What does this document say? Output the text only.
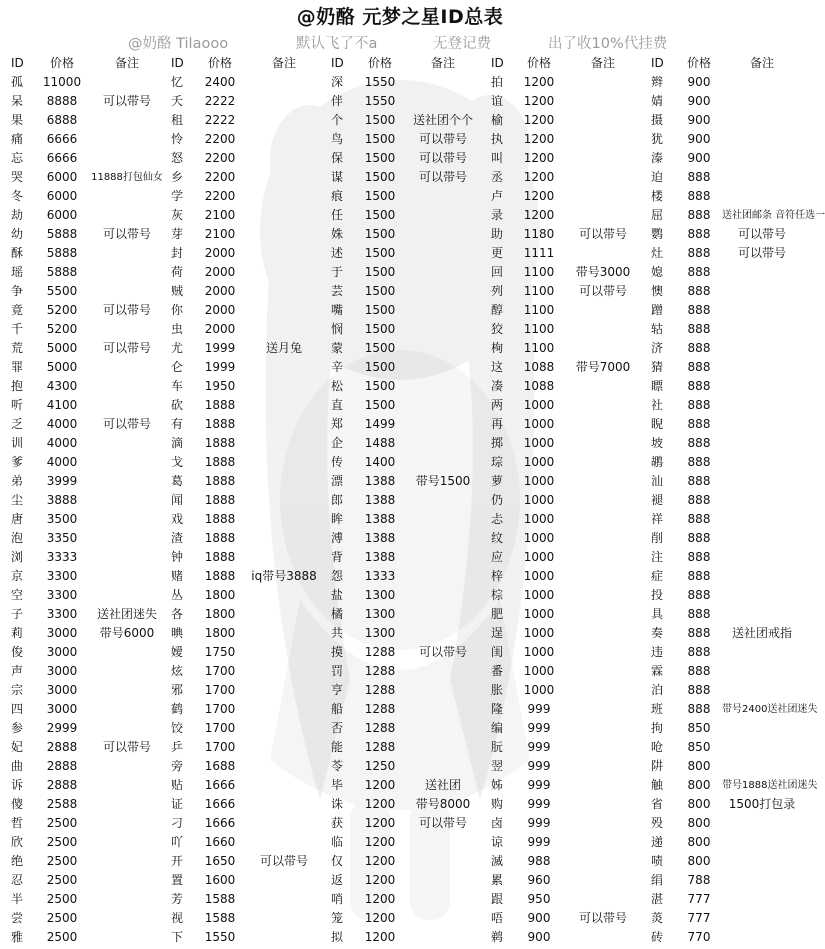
@奶酪 元梦之星ID总表
@奶酪 Tilaooo	默认飞了不a	无登记费	出了收10%代挂费
ID	价格	备注
孤	11000
呆	8888	可以带号
果	6888
痛	6666
忘	6666
哭	6000	11888打包仙女
冬	6000
劫	6000
幼	5888	可以带号
酥	5888
瑶	5888
争	5500
竟	5200	可以带号
千	5200
荒	5000	可以带号
罪	5000
抱	4300
听	4100
乏	4000	可以带号
训	4000
爹	4000
弟	3999
尘	3888
唐	3500
泡	3350
浏	3333
京	3300
空	3300
子	3300	送社团迷失
莉	3000	带号6000
俊	3000
声	3000
宗	3000
四	3000
参	2999
妃	2888	可以带号
曲	2888
诉	2888
傻	2588
哲	2500
欣	2500
绝	2500
忍	2500
半	2500
尝	2500
雅	2500
ID	价格	备注
忆	2400
夭	2222
租	2222
怜	2200
怒	2200
乡	2200
学	2200
灰	2100
芽	2100
封	2000
荷	2000
贼	2000
你	2000
虫	2000
尤	1999	送月兔
仑	1999
车	1950
砍	1888
有	1888
滴	1888
戈	1888
葛	1888
闻	1888
戏	1888
渣	1888
钟	1888
赌	1888	iq带号3888
丛	1800
各	1800
晪	1800
嬡	1750
炫	1700
邪	1700
鹤	1700
饺	1700
乒	1700
旁	1688
贴	1666
证	1666
刁	1666
吖	1660
开	1650	可以带号
置	1600
芳	1588
视	1588
下	1550
ID	价格	备注
深	1550
伴	1550
个	1500	送社团个个
鸟	1500	可以带号
保	1500	可以带号
谋	1500	可以带号
痕	1500
任	1500
姝	1500
述	1500
于	1500
芸	1500
嘴	1500
悯	1500
蒙	1500
辛	1500
松	1500
直	1500
郑	1499
企	1488
传	1400
漂	1388	带号1500
郎	1388
眸	1388
溥	1388
背	1388
怨	1333
盐	1300
橘	1300
共	1300
摸	1288	可以带号
罚	1288
亨	1288
船	1288
否	1288
能	1288
苓	1250
毕	1200	送社团
诛	1200	带号8000
获	1200	可以带号
临	1200
仅	1200
返	1200
哨	1200
笼	1200
拟	1200
ID	价格	备注
拍	1200
谊	1200
榆	1200
执	1200
叫	1200
丞	1200
卢	1200
录	1200
助	1180	可以带号
更	1111
回	1100	带号3000
列	1100	可以带号
醇	1100
狡	1100
栒	1100
这	1088	带号7000
凑	1088
两	1000
再	1000
掷	1000
琮	1000
萝	1000
仍	1000
忐	1000
纹	1000
应	1000
梓	1000
棕	1000
肥	1000
逞	1000
闺	1000
番	1000
胀	1000
隆	999
编	999
朊	999
翌	999
姊	999
购	999
卤	999
谅	999
滅	988
累	960
跟	950
唔	900	可以带号
鹈	900
ID	价格	备注
辫	900
婧	900
摄	900
犹	900
溱	900
迫	888
楼	888
屈	888	送社团邮条 音符任选一
鹦	888	可以带号
灶	888	可以带号
媳	888
懊	888
蹭	888
轱	888
济	888
猜	888
瞟	888
社	888
睨	888
坡	888
鹕	888
汕	888
褪	888
祥	888
削	888
注	888
症	888
投	888
具	888
奏	888	送社团戒指
违	888
霖	888
泊	888
班	888	带号2400送社团迷失
拘	850
呛	850
阱	800
触	800	带号1888送社团迷失
省	800	1500打包录
殁	800
递	800
啧	800
绢	788
湛	777
菼	777
砖	770
